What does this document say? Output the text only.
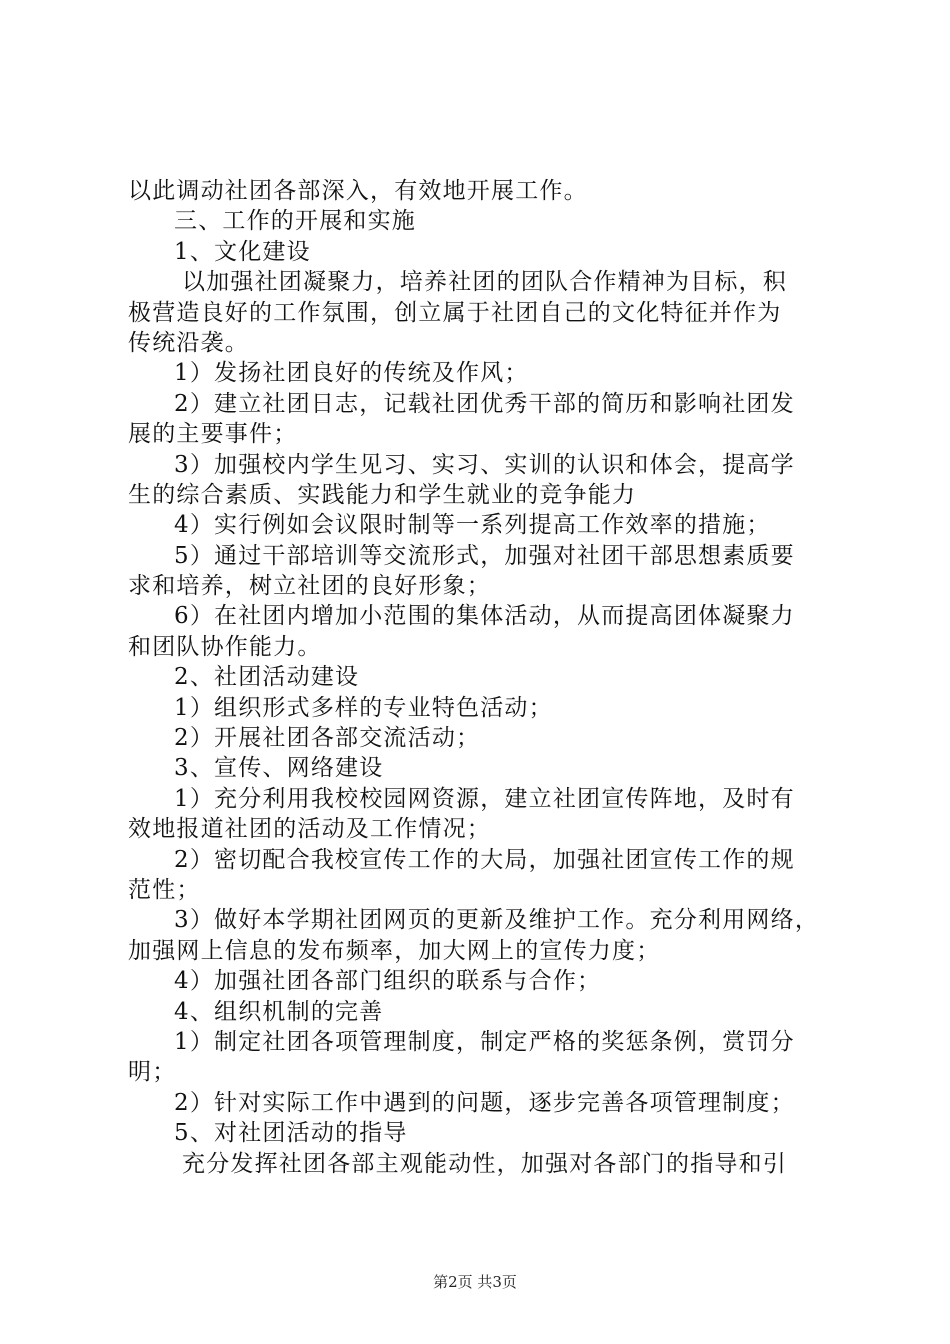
以此调动社团各部深入，有效地开展工作。
三、工作的开展和实施
1、文化建设
以加强社团凝聚力，培养社团的团队合作精神为目标，积
极营造良好的工作氛围，创立属于社团自己的文化特征并作为
传统沿袭。
1）发扬社团良好的传统及作风；
2）建立社团日志，记载社团优秀干部的简历和影响社团发
展的主要事件；
3）加强校内学生见习、实习、实训的认识和体会，提高学
生的综合素质、实践能力和学生就业的竞争能力
4）实行例如会议限时制等一系列提高工作效率的措施；
5）通过干部培训等交流形式，加强对社团干部思想素质要
求和培养，树立社团的良好形象；
6）在社团内增加小范围的集体活动，从而提高团体凝聚力
和团队协作能力。
2、社团活动建设
1）组织形式多样的专业特色活动；
2）开展社团各部交流活动；
3、宣传、网络建设
1）充分利用我校校园网资源，建立社团宣传阵地，及时有
效地报道社团的活动及工作情况；
2）密切配合我校宣传工作的大局，加强社团宣传工作的规
范性；
3）做好本学期社团网页的更新及维护工作。充分利用网络，
加强网上信息的发布频率，加大网上的宣传力度；
4）加强社团各部门组织的联系与合作；
4、组织机制的完善
1）制定社团各项管理制度，制定严格的奖惩条例，赏罚分
明；
2）针对实际工作中遇到的问题，逐步完善各项管理制度；
5、对社团活动的指导
充分发挥社团各部主观能动性，加强对各部门的指导和引
第2页 共3页
